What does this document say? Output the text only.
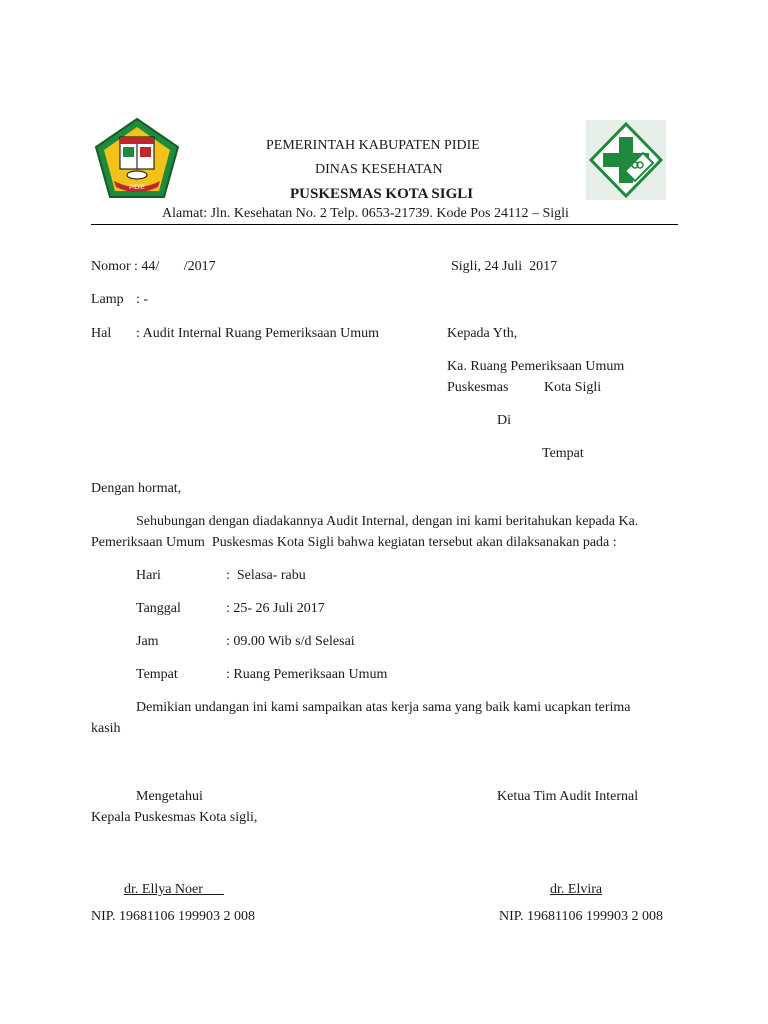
PIDIE
PEMERINTAH KABUPATEN PIDIE
DINAS KESEHATAN
PUSKESMAS KOTA SIGLI
Alamat: Jln. Kesehatan No. 2 Telp. 0653-21739. Kode Pos 24112 – Sigli
Nomor : 44/       /2017	Sigli, 24 Juli  2017
Lamp : -
Hal : Audit Internal Ruang Pemeriksaan Umum	Kepada Yth,
Ka. Ruang Pemeriksaan Umum
Puskesmas	Kota Sigli
Di
Tempat
Dengan hormat,
Sehubungan dengan diadakannya Audit Internal, dengan ini kami beritahukan kepada Ka.
Pemeriksaan Umum  Puskesmas Kota Sigli bahwa kegiatan tersebut akan dilaksanakan pada :
Hari	:  Selasa- rabu
Tanggal	: 25- 26 Juli 2017
Jam	: 09.00 Wib s/d Selesai
Tempat	: Ruang Pemeriksaan Umum
Demikian undangan ini kami sampaikan atas kerja sama yang baik kami ucapkan terima
kasih
Mengetahui
Kepala Puskesmas Kota sigli,
Ketua Tim Audit Internal
dr. Ellya Noer	dr. Elvira
NIP. 19681106 199903 2 008	NIP. 19681106 199903 2 008
